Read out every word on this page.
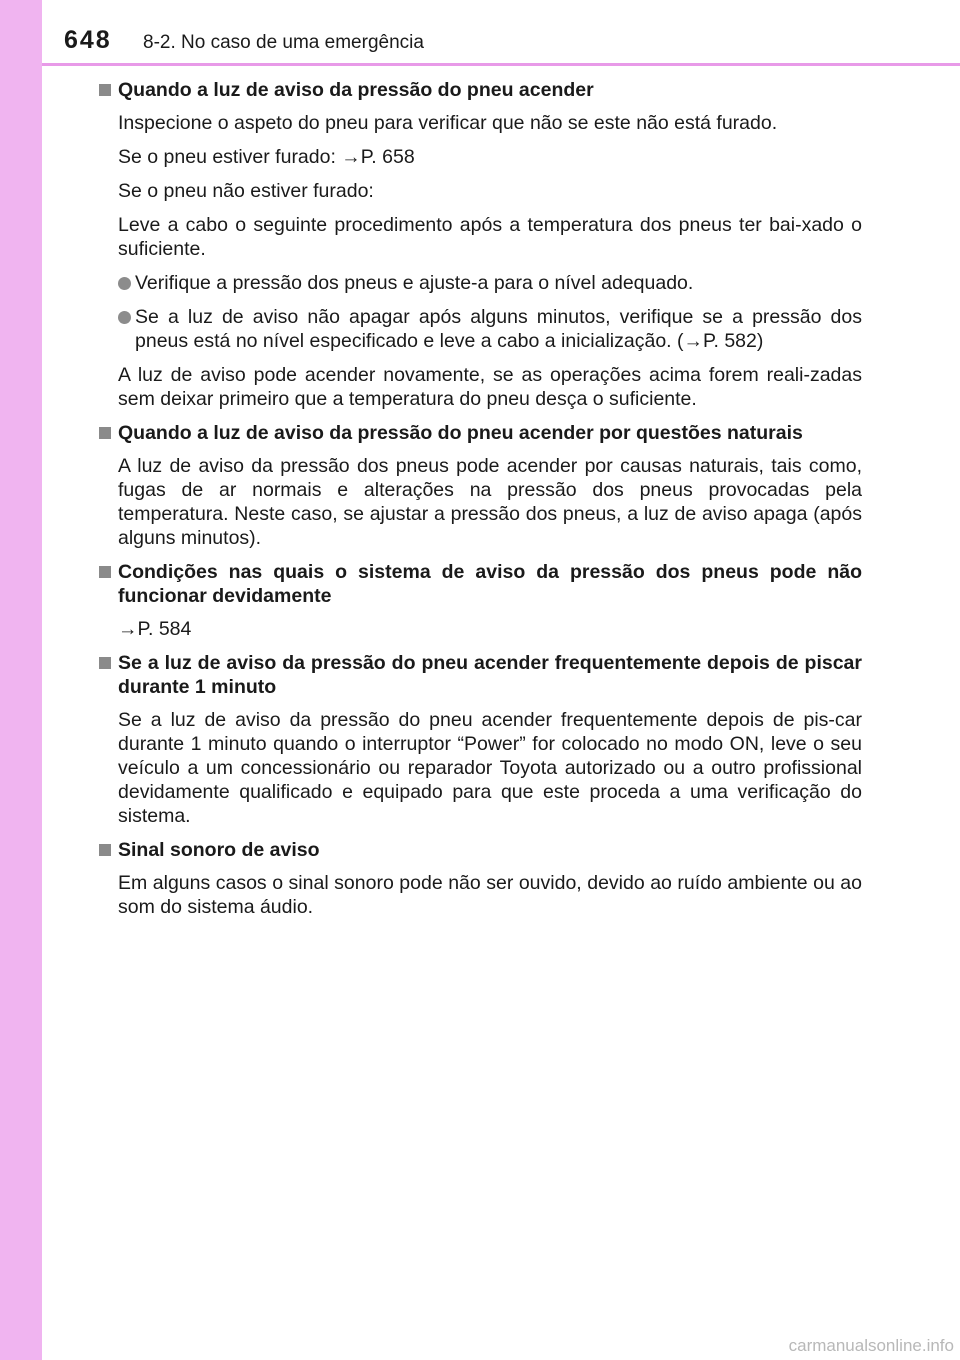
648 8-2. No caso de uma emergência
Quando a luz de aviso da pressão do pneu acender
Inspecione o aspeto do pneu para verificar que não se este não está furado.
Se o pneu estiver furado: →P. 658
Se o pneu não estiver furado:
Leve a cabo o seguinte procedimento após a temperatura dos pneus ter bai-xado o suficiente.
Verifique a pressão dos pneus e ajuste-a para o nível adequado.
Se a luz de aviso não apagar após alguns minutos, verifique se a pressão dos pneus está no nível especificado e leve a cabo a inicialização. (→P. 582)
A luz de aviso pode acender novamente, se as operações acima forem reali-zadas sem deixar primeiro que a temperatura do pneu desça o suficiente.
Quando a luz de aviso da pressão do pneu acender por questões naturais
A luz de aviso da pressão dos pneus pode acender por causas naturais, tais como, fugas de ar normais e alterações na pressão dos pneus provocadas pela temperatura. Neste caso, se ajustar a pressão dos pneus, a luz de aviso apaga (após alguns minutos).
Condições nas quais o sistema de aviso da pressão dos pneus pode não funcionar devidamente
→P. 584
Se a luz de aviso da pressão do pneu acender frequentemente depois de piscar durante 1 minuto
Se a luz de aviso da pressão do pneu acender frequentemente depois de pis-car durante 1 minuto quando o interruptor “Power” for colocado no modo ON, leve o seu veículo a um concessionário ou reparador Toyota autorizado ou a outro profissional devidamente qualificado e equipado para que este proceda a uma verificação do sistema.
Sinal sonoro de aviso
Em alguns casos o sinal sonoro pode não ser ouvido, devido ao ruído ambiente ou ao som do sistema áudio.
carmanualsonline.info
